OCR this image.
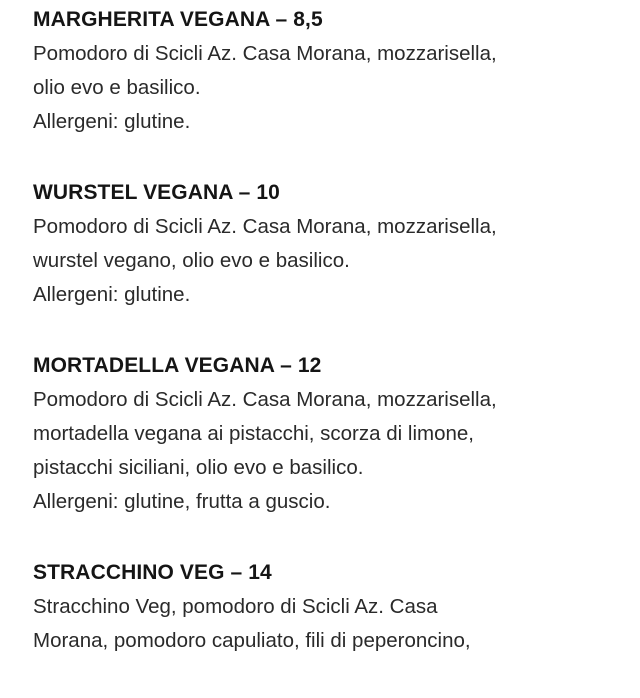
MARGHERITA VEGANA – 8,5
Pomodoro di Scicli Az. Casa Morana, mozzarisella,
olio evo e basilico.
Allergeni: glutine.
WURSTEL VEGANA – 10
Pomodoro di Scicli Az. Casa Morana, mozzarisella,
wurstel vegano, olio evo e basilico.
Allergeni: glutine.
MORTADELLA VEGANA – 12
Pomodoro di Scicli Az. Casa Morana, mozzarisella,
mortadella vegana ai pistacchi, scorza di limone,
pistacchi siciliani, olio evo e basilico.
Allergeni: glutine, frutta a guscio.
STRACCHINO VEG – 14
Stracchino Veg, pomodoro di Scicli Az. Casa
Morana, pomodoro capuliato, fili di peperoncino,
